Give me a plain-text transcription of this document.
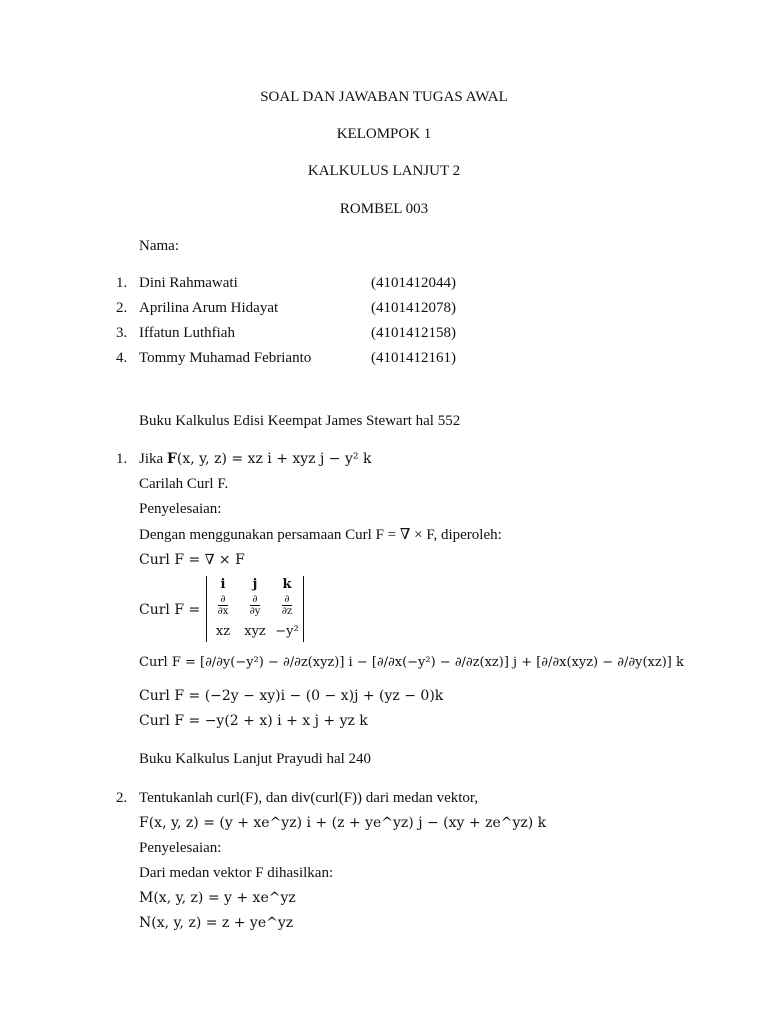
SOAL DAN JAWABAN TUGAS AWAL
KELOMPOK 1
KALKULUS LANJUT 2
ROMBEL 003
Nama:
1. Dini Rahmawati	(4101412044)
2. Aprilina Arum Hidayat	(4101412078)
3. Iffatun Luthfiah	(4101412158)
4. Tommy Muhamad Febrianto	(4101412161)
Buku Kalkulus Edisi Keempat James Stewart hal 552
1. Jika 𝐅(x, y, z) = xz i + xyz j − y² k
Carilah Curl F.
Penyelesaian:
Dengan menggunakan persamaan Curl F = ∇ × F, diperoleh:
Curl F = ∇ × F
Curl F =
i	j	k
$\frac{\partial}{\partial x} \frac{\partial}{\partial y} \frac{\partial}{\partial z}$
xz	xyz −y²
Curl F = [∂/∂y(−y²) − ∂/∂z(xyz)] i − [∂/∂x(−y²) − ∂/∂z(xz)] j + [∂/∂x(xyz) − ∂/∂y(xz)] k
Curl F = (−2y − xy)i − (0 − x)j + (yz − 0)k
Curl F = −y(2 + x) i + x j + yz k
Buku Kalkulus Lanjut Prayudi hal 240
2. Tentukanlah curl(F), dan div(curl(F)) dari medan vektor,
F(x, y, z) = (y + xe^yz) i + (z + ye^yz) j − (xy + ze^yz) k
Penyelesaian:
Dari medan vektor F dihasilkan:
M(x, y, z) = y + xe^yz
N(x, y, z) = z + ye^yz
